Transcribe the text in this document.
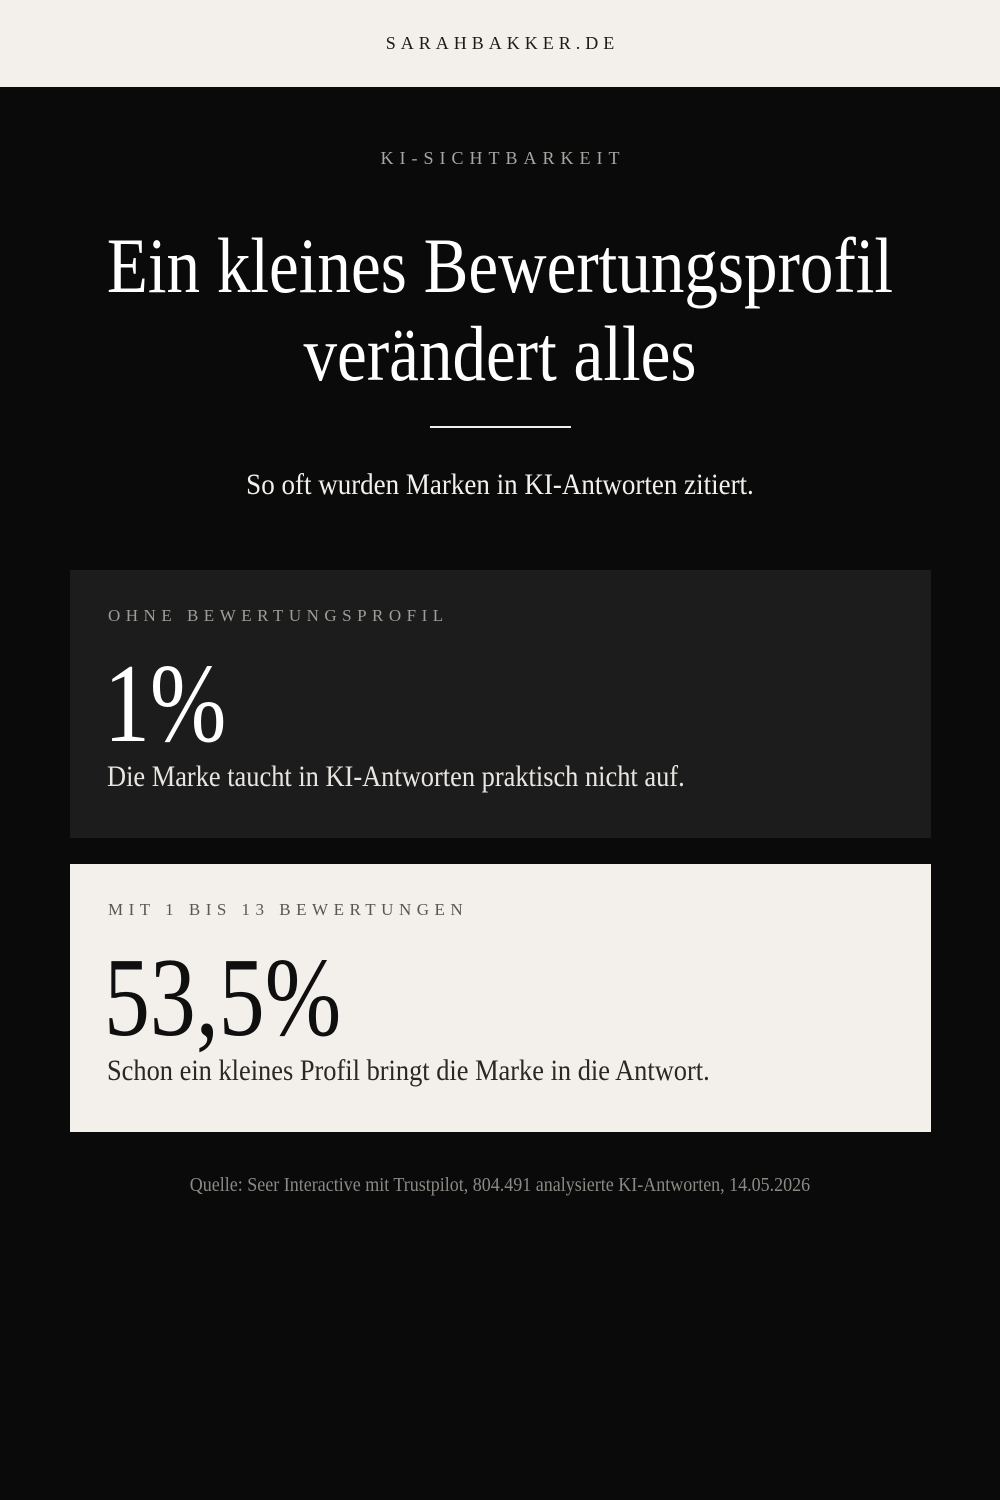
SARAHBAKKER.DE
KI-SICHTBARKEIT
Ein kleines Bewertungsprofil
verändert alles

So oft wurden Marken in KI-Antworten zitiert.

OHNE BEWERTUNGSPROFIL
1%
Die Marke taucht in KI-Antworten praktisch nicht auf.
MIT 1 BIS 13 BEWERTUNGEN
53,5%
Schon ein kleines Profil bringt die Marke in die Antwort.

Quelle: Seer Interactive mit Trustpilot, 804.491 analysierte KI-Antworten, 14.05.2026
